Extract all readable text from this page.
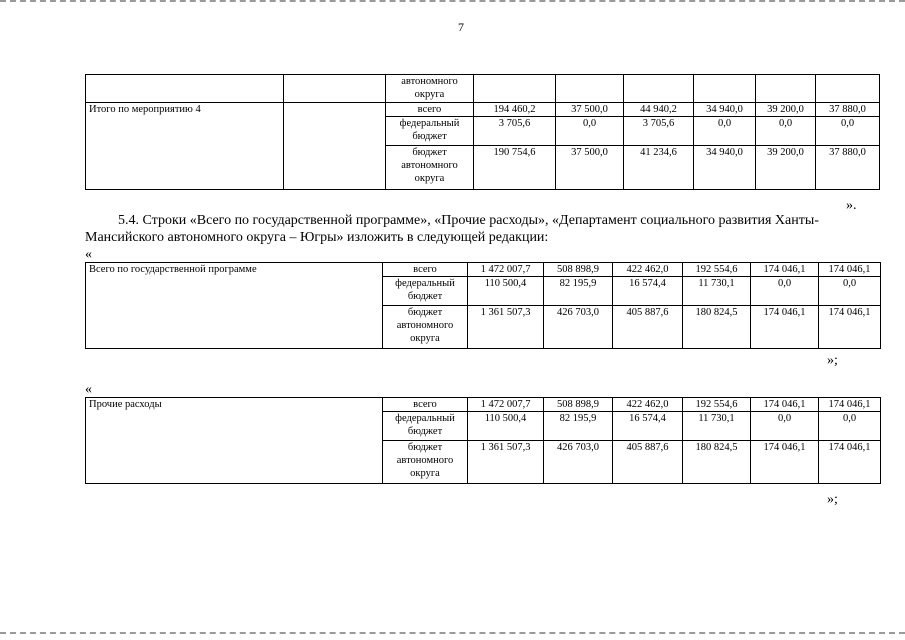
7
		автономного округа						
Итого по мероприятию 4		всего	194 460,2	37 500,0	44 940,2	34 940,0	39 200,0	37 880,0
		федеральный бюджет	3 705,6	0,0	3 705,6	0,0	0,0	0,0
		бюджет автономного округа	190 754,6	37 500,0	41 234,6	34 940,0	39 200,0	37 880,0
».
5.4. Строки «Всего по государственной программе», «Прочие расходы», «Департамент социального развития Ханты-Мансийского автономного округа – Югры» изложить в следующей редакции:
«
Всего по государственной программе	всего	1 472 007,7	508 898,9	422 462,0	192 554,6	174 046,1	174 046,1
	федеральный бюджет	110 500,4	82 195,9	16 574,4	11 730,1	0,0	0,0
	бюджет автономного округа	1 361 507,3	426 703,0	405 887,6	180 824,5	174 046,1	174 046,1
»;
«
Прочие расходы	всего	1 472 007,7	508 898,9	422 462,0	192 554,6	174 046,1	174 046,1
	федеральный бюджет	110 500,4	82 195,9	16 574,4	11 730,1	0,0	0,0
	бюджет автономного округа	1 361 507,3	426 703,0	405 887,6	180 824,5	174 046,1	174 046,1
»;
